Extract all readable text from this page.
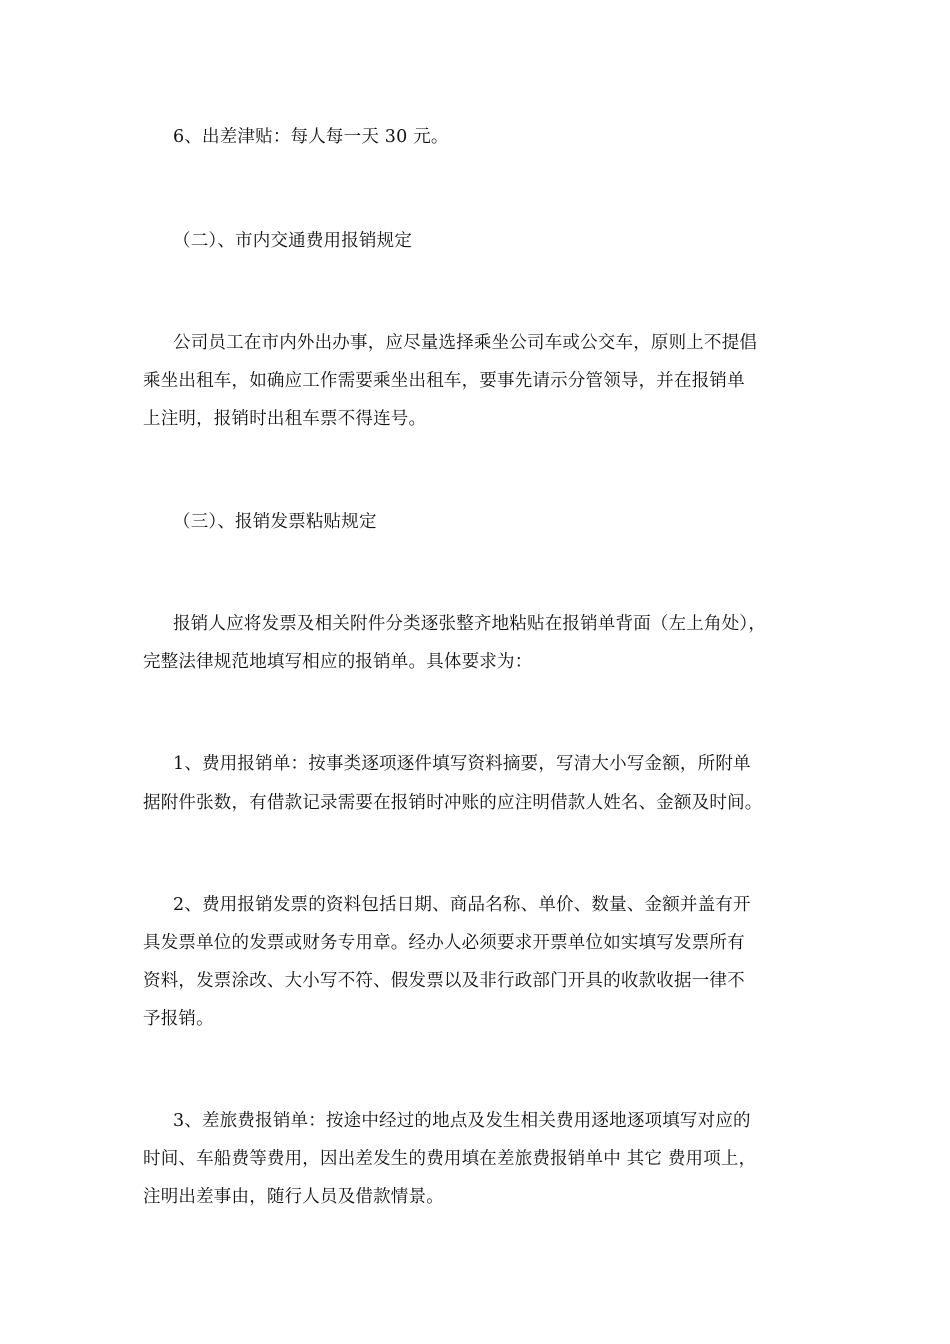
6、出差津贴：每人每一天 30 元。
（二）、市内交通费用报销规定
公司员工在市内外出办事，应尽量选择乘坐公司车或公交车，原则上不提倡
乘坐出租车，如确应工作需要乘坐出租车，要事先请示分管领导，并在报销单
上注明，报销时出租车票不得连号。
（三）、报销发票粘贴规定
报销人应将发票及相关附件分类逐张整齐地粘贴在报销单背面（左上角处），
完整法律规范地填写相应的报销单。具体要求为：
1、费用报销单：按事类逐项逐件填写资料摘要，写清大小写金额，所附单
据附件张数，有借款记录需要在报销时冲账的应注明借款人姓名、金额及时间。
2、费用报销发票的资料包括日期、商品名称、单价、数量、金额并盖有开
具发票单位的发票或财务专用章。经办人必须要求开票单位如实填写发票所有
资料，发票涂改、大小写不符、假发票以及非行政部门开具的收款收据一律不
予报销。
3、差旅费报销单：按途中经过的地点及发生相关费用逐地逐项填写对应的
时间、车船费等费用，因出差发生的费用填在差旅费报销单中 其它 费用项上，
注明出差事由，随行人员及借款情景。
